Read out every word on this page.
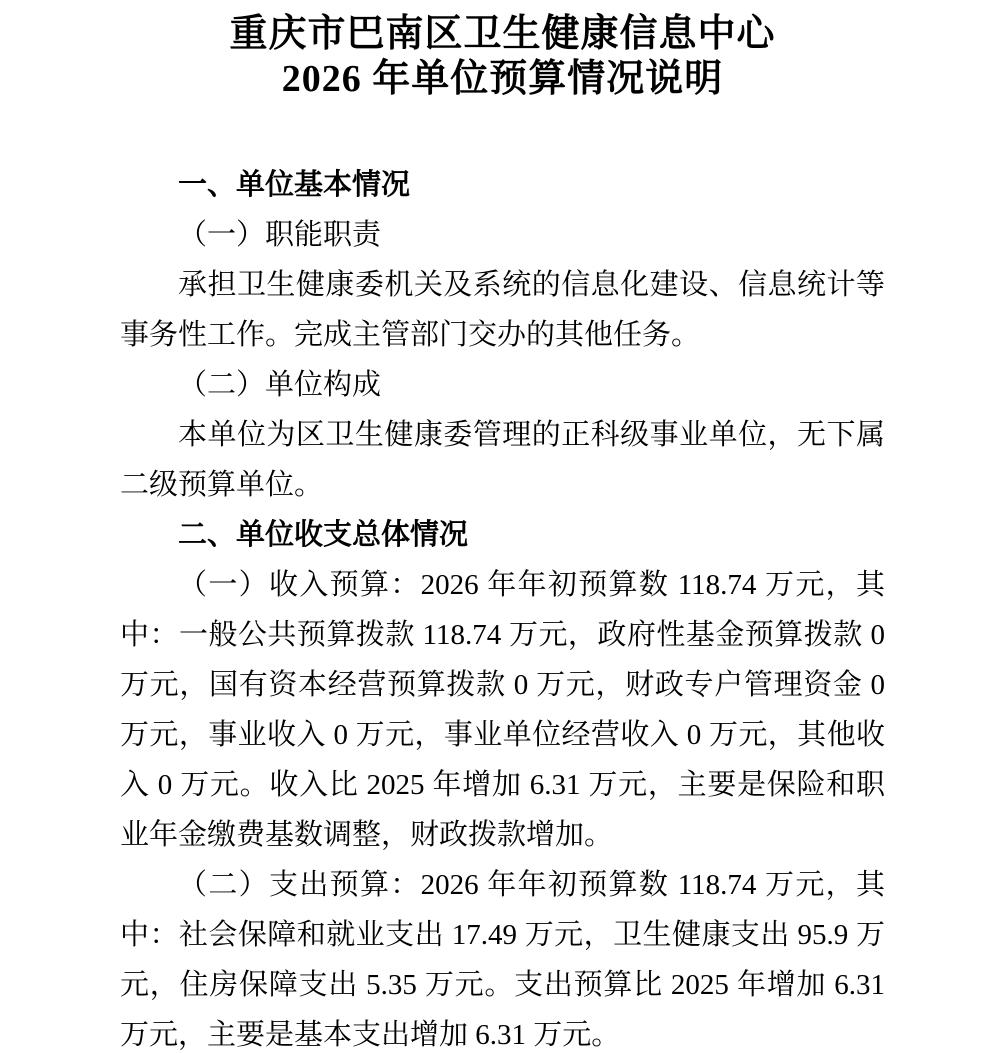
重庆市巴南区卫生健康信息中心
2026 年单位预算情况说明
一、单位基本情况

（一）职能职责

承担卫生健康委机关及系统的信息化建设、信息统计等事务性工作。完成主管部门交办的其他任务。

（二）单位构成

本单位为区卫生健康委管理的正科级事业单位，无下属二级预算单位。

二、单位收支总体情况

（一）收入预算：2026 年年初预算数 118.74 万元，其中：一般公共预算拨款 118.74 万元，政府性基金预算拨款 0 万元，国有资本经营预算拨款 0 万元，财政专户管理资金 0 万元，事业收入 0 万元，事业单位经营收入 0 万元，其他收入 0 万元。收入比 2025 年增加 6.31 万元，主要是保险和职业年金缴费基数调整，财政拨款增加。

（二）支出预算：2026 年年初预算数 118.74 万元，其中：社会保障和就业支出 17.49 万元，卫生健康支出 95.9 万元，住房保障支出 5.35 万元。支出预算比 2025 年增加 6.31 万元，主要是基本支出增加 6.31 万元。
